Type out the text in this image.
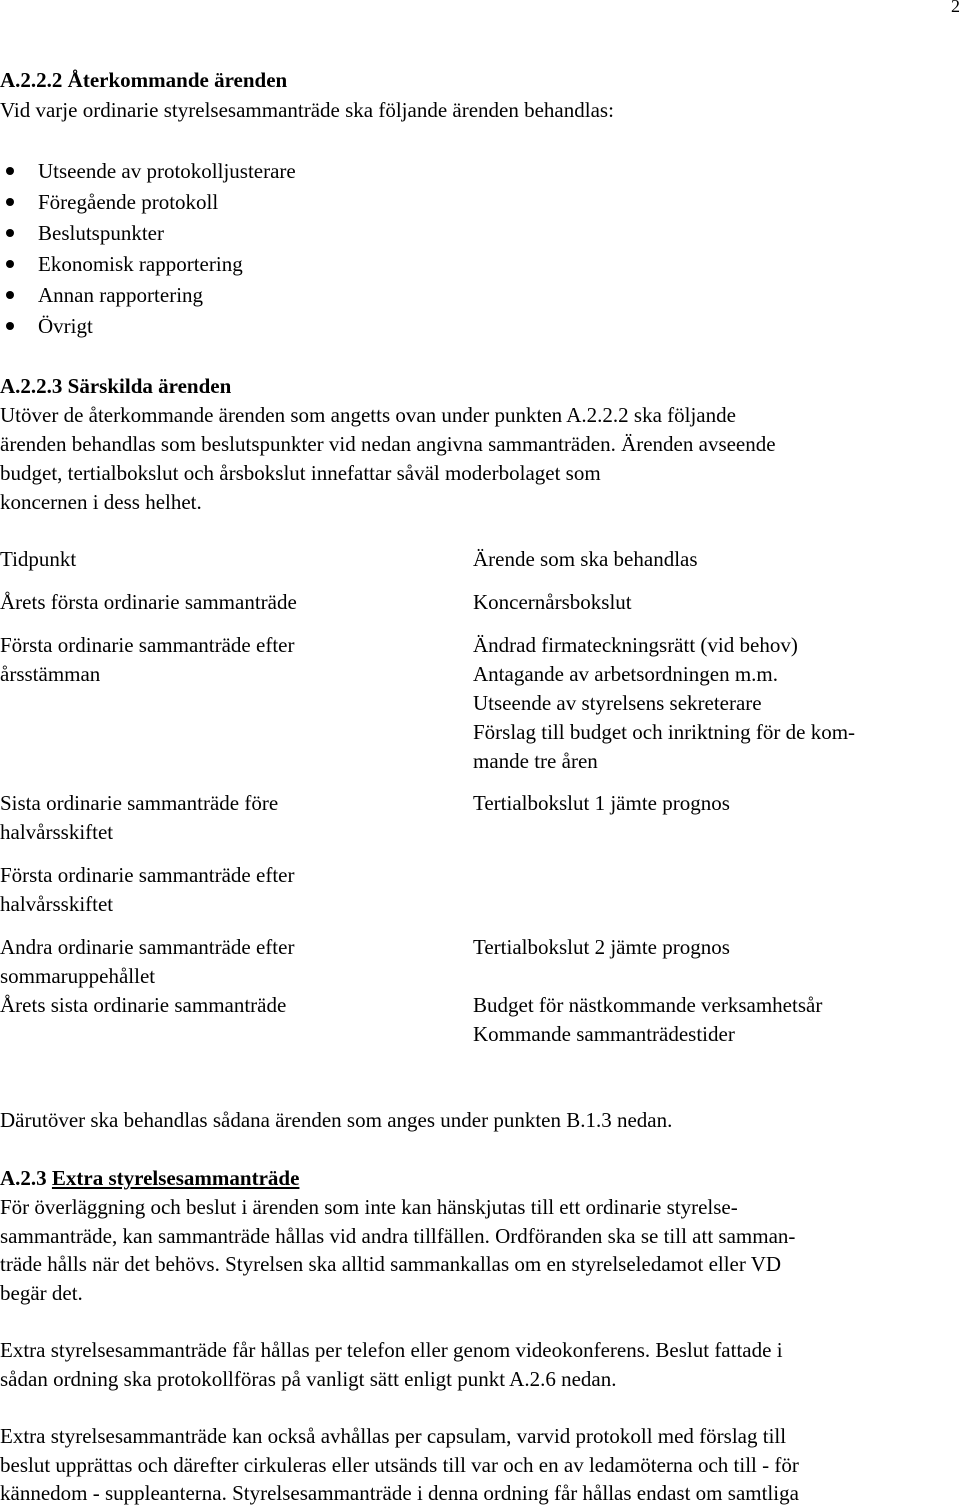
2
A.2.2.2 Återkommande ärenden
Vid varje ordinarie styrelsesammanträde ska följande ärenden behandlas:
Utseende av protokolljusterare
Föregående protokoll
Beslutspunkter
Ekonomisk rapportering
Annan rapportering
Övrigt
A.2.2.3 Särskilda ärenden
Utöver de återkommande ärenden som angetts ovan under punkten A.2.2.2 ska följande
ärenden behandlas som beslutspunkter vid nedan angivna sammanträden. Ärenden avseende
budget, tertialbokslut och årsbokslut innefattar såväl moderbolaget som
koncernen i dess helhet.
Tidpunkt	Ärende som ska behandlas
Årets första ordinarie sammanträde
Första ordinarie sammanträde efter
årsstämman
Sista ordinarie sammanträde före
halvårsskiftet
Första ordinarie sammanträde efter
halvårsskiftet
Andra ordinarie sammanträde efter
sommaruppehållet
Årets sista ordinarie sammanträde
Koncernårsbokslut
Ändrad firmateckningsrätt (vid behov)
Antagande av arbetsordningen m.m.
Utseende av styrelsens sekreterare
Förslag till budget och inriktning för de kom-
mande tre åren
Tertialbokslut 1 jämte prognos
Tertialbokslut 2 jämte prognos
Budget för nästkommande verksamhetsår
Kommande sammanträdestider
Därutöver ska behandlas sådana ärenden som anges under punkten B.1.3 nedan.
A.2.3 Extra styrelsesammanträde
För överläggning och beslut i ärenden som inte kan hänskjutas till ett ordinarie styrelse-
sammanträde, kan sammanträde hållas vid andra tillfällen. Ordföranden ska se till att samman-
träde hålls när det behövs. Styrelsen ska alltid sammankallas om en styrelseledamot eller VD
begär det.
Extra styrelsesammanträde får hållas per telefon eller genom videokonferens. Beslut fattade i
sådan ordning ska protokollföras på vanligt sätt enligt punkt A.2.6 nedan.
Extra styrelsesammanträde kan också avhållas per capsulam, varvid protokoll med förslag till
beslut upprättas och därefter cirkuleras eller utsänds till var och en av ledamöterna och till - för
kännedom - suppleanterna. Styrelsesammanträde i denna ordning får hållas endast om samtliga
